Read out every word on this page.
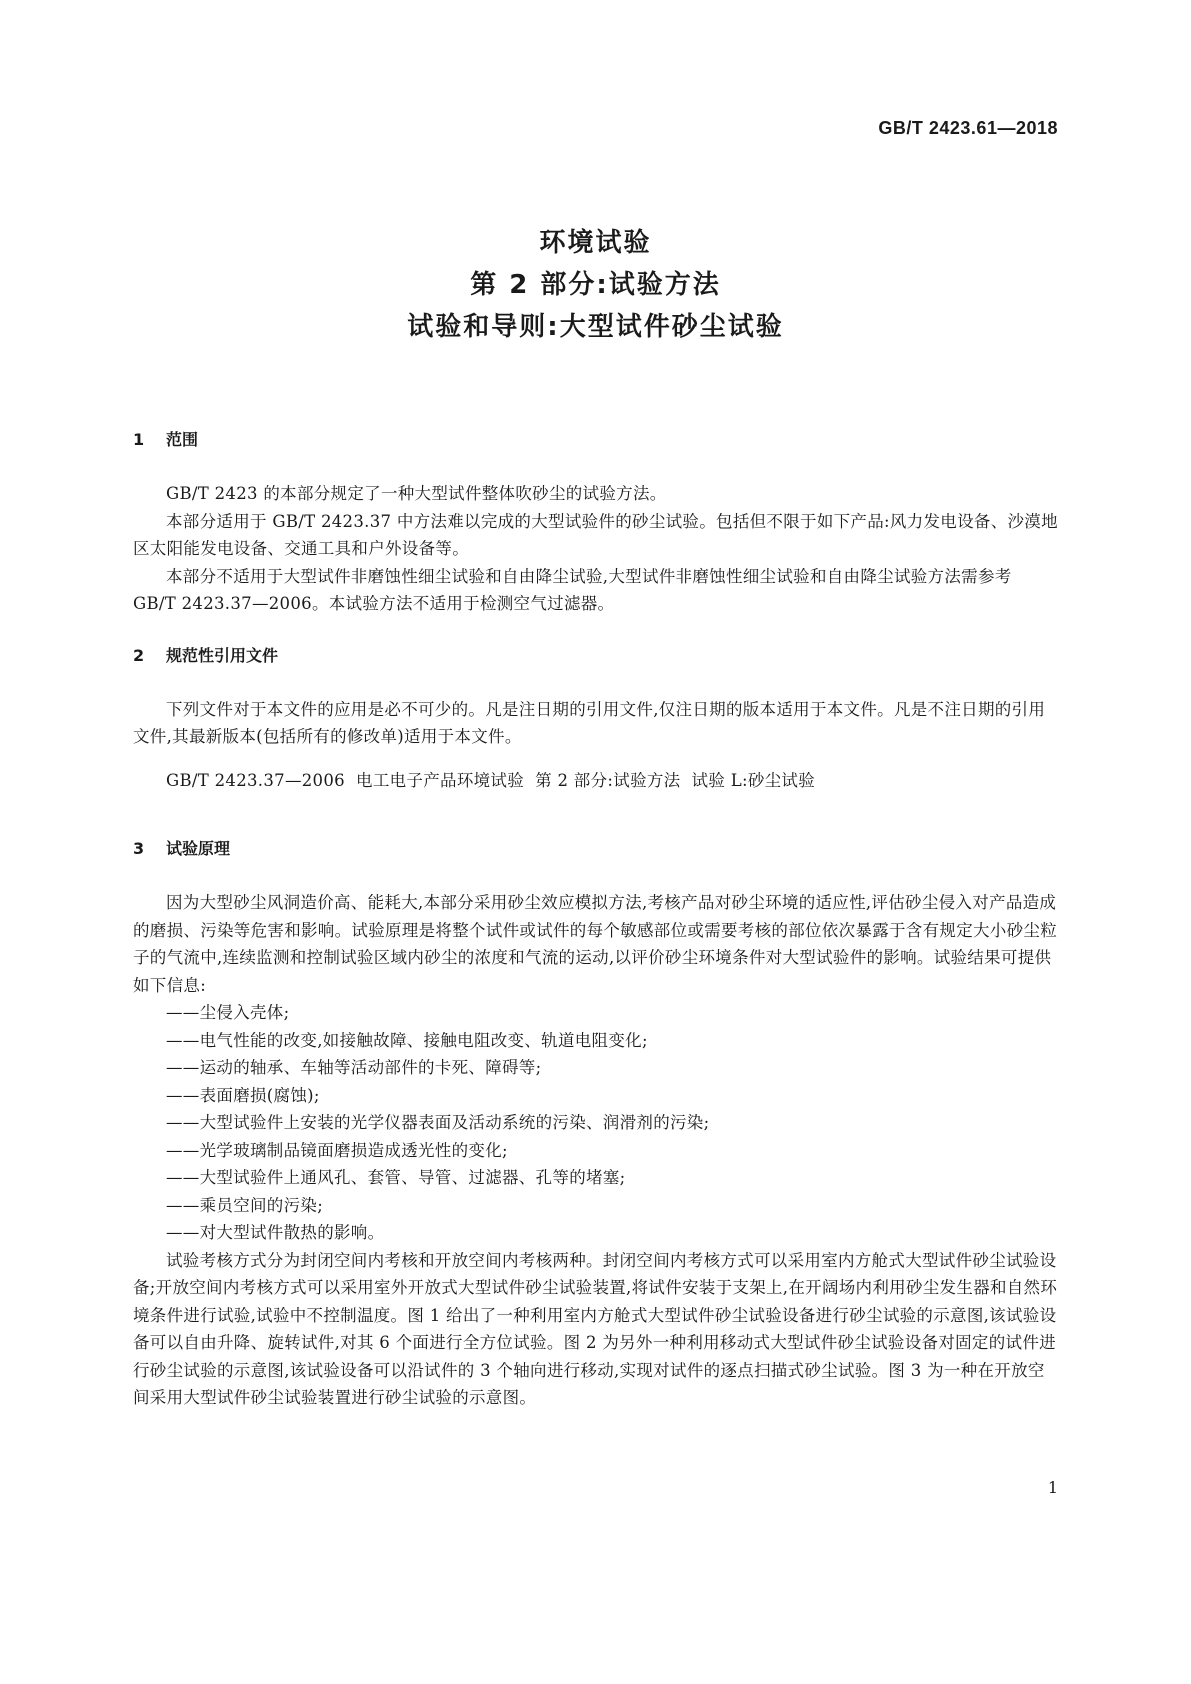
GB/T 2423.61—2018
环境试验
第 2 部分:试验方法
试验和导则:大型试件砂尘试验
1 范围

GB/T 2423 的本部分规定了一种大型试件整体吹砂尘的试验方法。

本部分适用于 GB/T 2423.37 中方法难以完成的大型试验件的砂尘试验。包括但不限于如下产品:风力发电设备、沙漠地区太阳能发电设备、交通工具和户外设备等。

本部分不适用于大型试件非磨蚀性细尘试验和自由降尘试验,大型试件非磨蚀性细尘试验和自由降尘试验方法需参考 GB/T 2423.37—2006。本试验方法不适用于检测空气过滤器。

2 规范性引用文件

下列文件对于本文件的应用是必不可少的。凡是注日期的引用文件,仅注日期的版本适用于本文件。凡是不注日期的引用文件,其最新版本(包括所有的修改单)适用于本文件。

GB/T 2423.37—2006  电工电子产品环境试验  第 2 部分:试验方法  试验 L:砂尘试验

3 试验原理

因为大型砂尘风洞造价高、能耗大,本部分采用砂尘效应模拟方法,考核产品对砂尘环境的适应性,评估砂尘侵入对产品造成的磨损、污染等危害和影响。试验原理是将整个试件或试件的每个敏感部位或需要考核的部位依次暴露于含有规定大小砂尘粒子的气流中,连续监测和控制试验区域内砂尘的浓度和气流的运动,以评价砂尘环境条件对大型试验件的影响。试验结果可提供如下信息:

——尘侵入壳体;
——电气性能的改变,如接触故障、接触电阻改变、轨道电阻变化;
——运动的轴承、车轴等活动部件的卡死、障碍等;
——表面磨损(腐蚀);
——大型试验件上安装的光学仪器表面及活动系统的污染、润滑剂的污染;
——光学玻璃制品镜面磨损造成透光性的变化;
——大型试验件上通风孔、套管、导管、过滤器、孔等的堵塞;
——乘员空间的污染;
——对大型试件散热的影响。

试验考核方式分为封闭空间内考核和开放空间内考核两种。封闭空间内考核方式可以采用室内方舱式大型试件砂尘试验设备;开放空间内考核方式可以采用室外开放式大型试件砂尘试验装置,将试件安装于支架上,在开阔场内利用砂尘发生器和自然环境条件进行试验,试验中不控制温度。图 1 给出了一种利用室内方舱式大型试件砂尘试验设备进行砂尘试验的示意图,该试验设备可以自由升降、旋转试件,对其 6 个面进行全方位试验。图 2 为另外一种利用移动式大型试件砂尘试验设备对固定的试件进行砂尘试验的示意图,该试验设备可以沿试件的 3 个轴向进行移动,实现对试件的逐点扫描式砂尘试验。图 3 为一种在开放空间采用大型试件砂尘试验装置进行砂尘试验的示意图。

1
